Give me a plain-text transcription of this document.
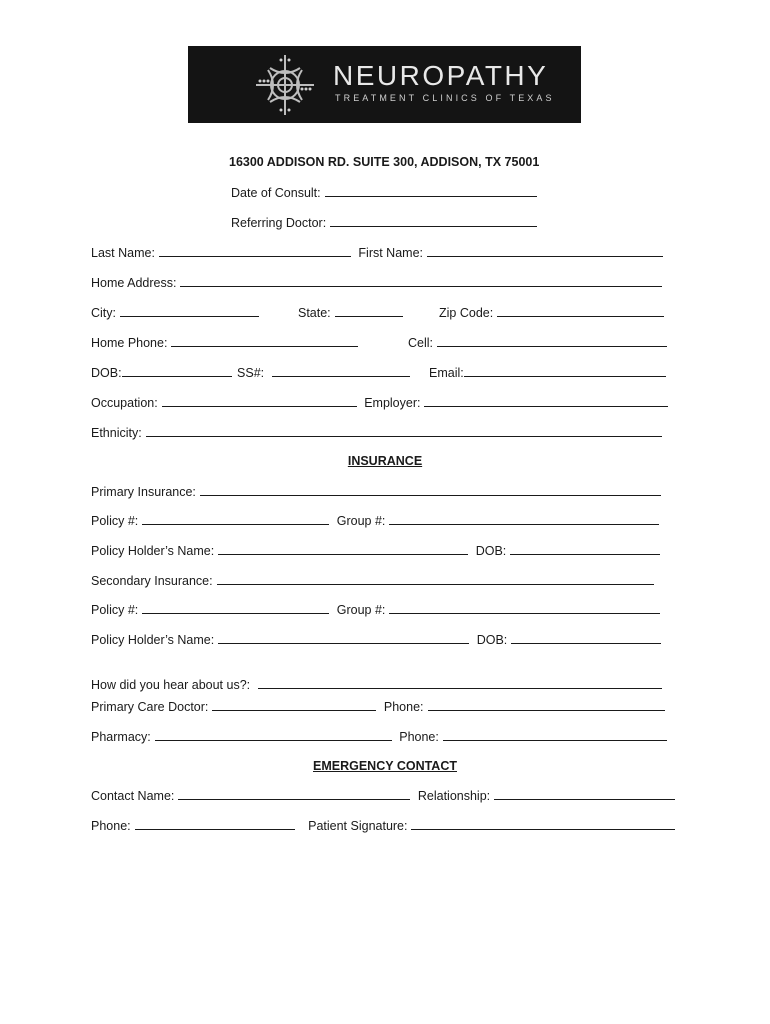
NEUROPATHY
TREATMENT CLINICS OF TEXAS
16300 ADDISON RD. SUITE 300, ADDISON, TX 75001
Date of Consult:
Referring Doctor:
Last Name:	First Name:
Home Address:
City:	State:	Zip Code:
Home Phone:	Cell:
DOB:	SS#:	Email:
Occupation:	Employer:
Ethnicity:
INSURANCE
Primary Insurance:
Policy #:	Group #:
Policy Holder’s Name:	DOB:
Secondary Insurance:
Policy #:	Group #:
Policy Holder’s Name:	DOB:
How did you hear about us?:
Primary Care Doctor:	Phone:
Pharmacy:	Phone:
EMERGENCY CONTACT
Contact Name:	Relationship:
Phone:	Patient Signature:
